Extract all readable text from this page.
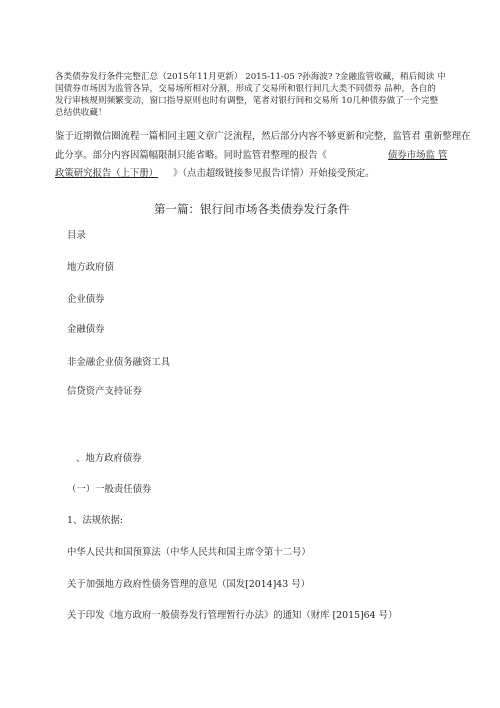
各类债券发行条件完整汇总（2015年11月更新） 2015-11-05 ?孙海波? ?金融监管收藏，稍后阅读 中
国债券市场因为监管各异，交易场所相对分割，形成了交易所和银行间几大类不同债券 品种，各自的
发行审核规则频繁变动，窗口指导原则也时有调整，笔者对银行间和交易所 10几种债券做了一个完整
总结供收藏！
鉴于近期微信圈流程一篇相同主题文章广泛流程，然后部分内容不够更新和完整，监管君 重新整理在
此分享。部分内容因篇幅限制只能省略。同时监管君整理的报告《	债券市场监 管
政策研究报告（上下册） 》（点击超级链接参见报告详情）开始接受预定。
第一篇：银行间市场各类债券发行条件
目录
地方政府债
企业债券
金融债券
非金融企业债务融资工具
信贷资产支持证券
、地方政府债券
（一）一般责任债券
1、法规依据:
中华人民共和国预算法（中华人民共和国主席令第十二号）
关于加强地方政府性债务管理的意见（国发[2014]43 号）
关于印发《地方政府一般债券发行管理暂行办法》的通知（财库 [2015]64 号）
